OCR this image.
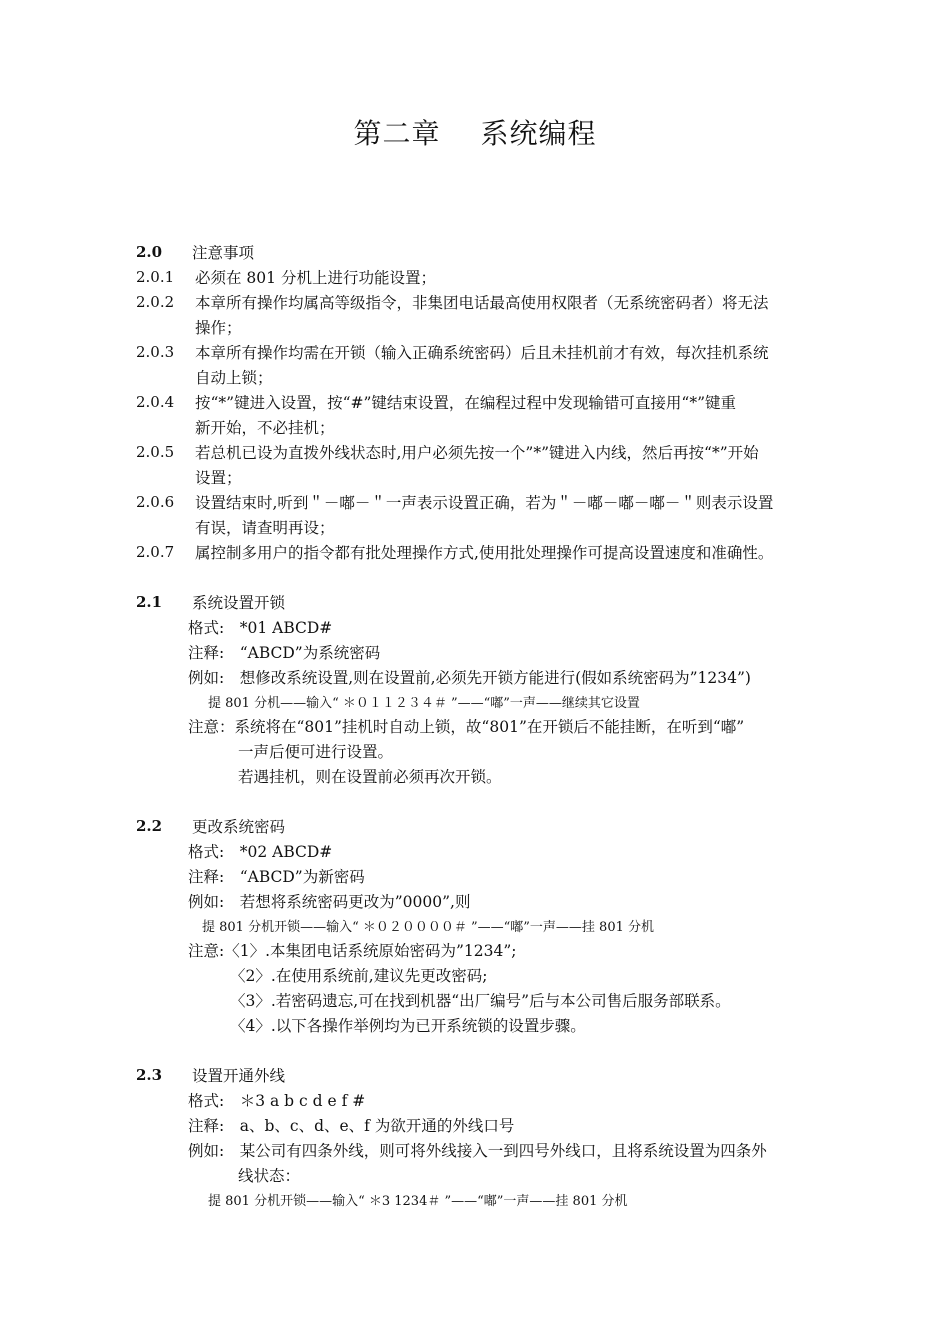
第二章 系统编程
2.0 注意事项
2.0.1 必须在 801 分机上进行功能设置；
2.0.2 本章所有操作均属高等级指令，非集团电话最高使用权限者（无系统密码者）将无法
操作；
2.0.3 本章所有操作均需在开锁（输入正确系统密码）后且未挂机前才有效，每次挂机系统
自动上锁；
2.0.4 按“*”键进入设置，按“#”键结束设置，在编程过程中发现输错可直接用“*”键重
新开始，不必挂机；
2.0.5 若总机已设为直拨外线状态时,用户必须先按一个”*”键进入内线，然后再按“*”开始
设置；
2.0.6 设置结束时,听到＂－嘟－＂一声表示设置正确，若为＂－嘟－嘟－嘟－＂则表示设置
有误，请查明再设；
2.0.7 属控制多用户的指令都有批处理操作方式,使用批处理操作可提高设置速度和准确性。
2.1 系统设置开锁
格式:　*01 ABCD#
注释:　“ABCD”为系统密码
例如:　想修改系统设置,则在设置前,必须先开锁方能进行(假如系统密码为”1234”)
提 801 分机——输入“ ＊０１１２３４＃ ”——“嘟”一声——继续其它设置
注意：系统将在“801”挂机时自动上锁，故“801”在开锁后不能挂断，在听到“嘟”
一声后便可进行设置。
若遇挂机，则在设置前必须再次开锁。
2.2 更改系统密码
格式:　*02 ABCD#
注释:　“ABCD”为新密码
例如:　若想将系统密码更改为”0000”,则
提 801 分机开锁——输入“ ＊０２００００＃ ”——“嘟”一声——挂 801 分机
注意:〈1〉.本集团电话系统原始密码为”1234”;
〈2〉.在使用系统前,建议先更改密码;
〈3〉.若密码遗忘,可在找到机器“出厂编号”后与本公司售后服务部联系。
〈4〉.以下各操作举例均为已开系统锁的设置步骤。
2.3 设置开通外线
格式:　＊3 a b c d e f #
注释:　a、b、c、d、e、f 为欲开通的外线口号
例如:　某公司有四条外线，则可将外线接入一到四号外线口，且将系统设置为四条外
线状态：
提 801 分机开锁——输入“ ＊3 1234＃ ”——“嘟”一声——挂 801 分机
